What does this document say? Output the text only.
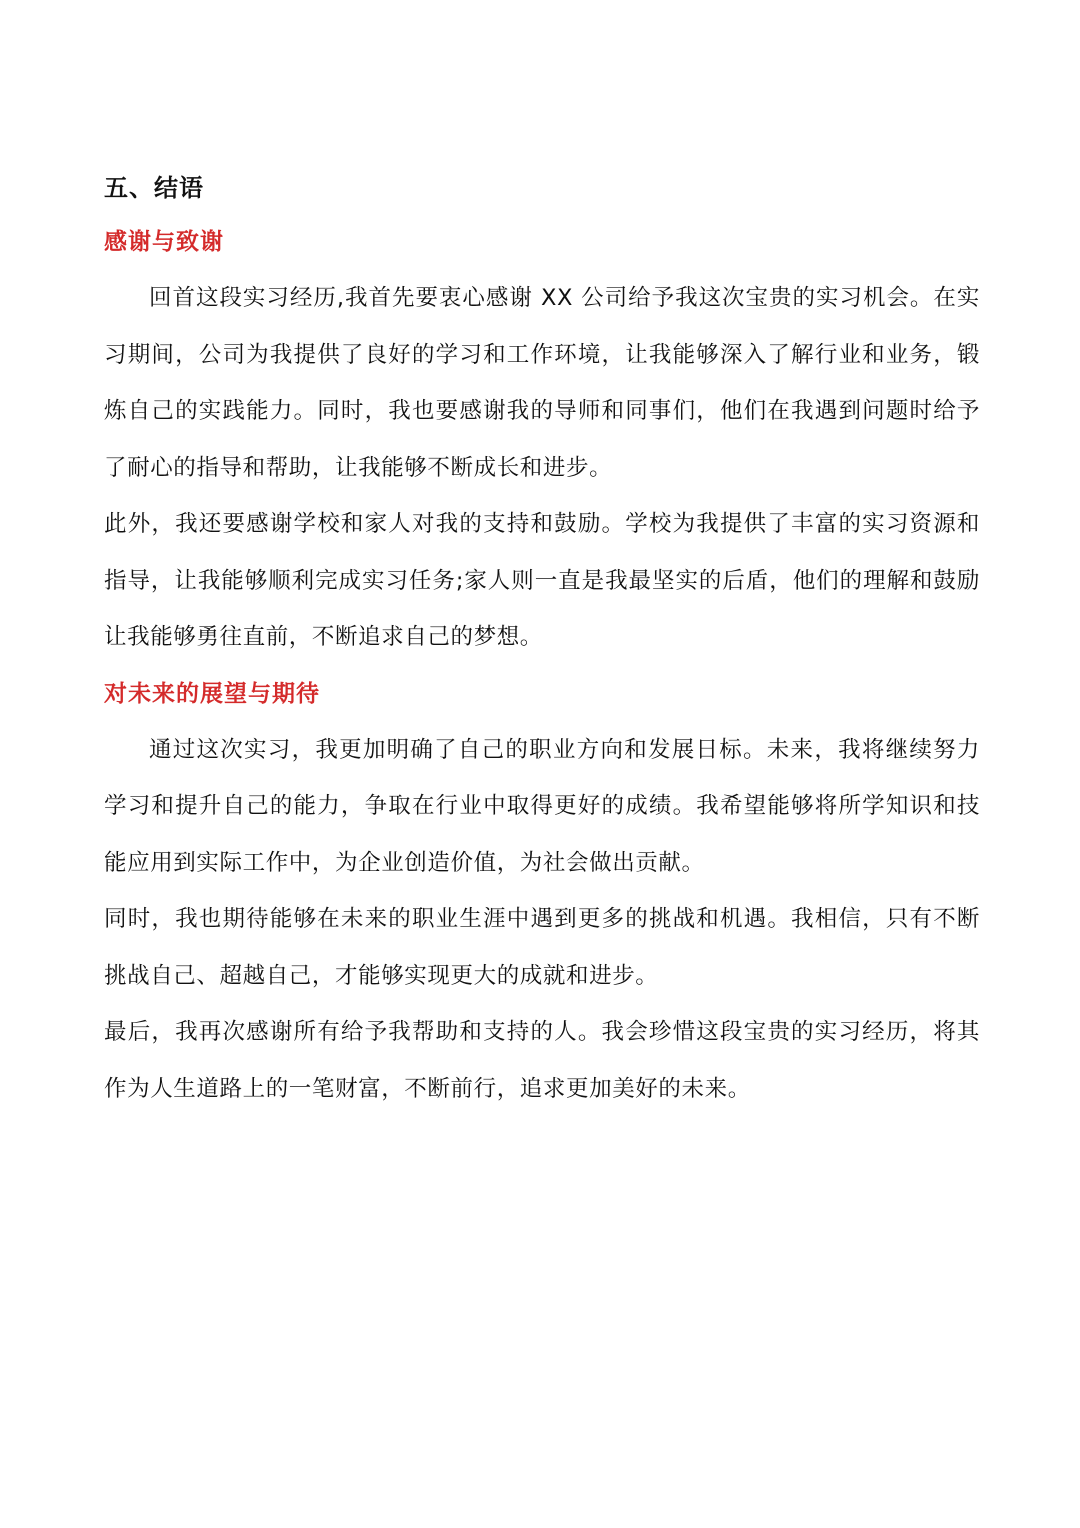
五、结语
感谢与致谢

回首这段实习经历,我首先要衷心感谢 XX 公司给予我这次宝贵的实习机会。在实习期间，公司为我提供了良好的学习和工作环境，让我能够深入了解行业和业务，锻炼自己的实践能力。同时，我也要感谢我的导师和同事们，他们在我遇到问题时给予了耐心的指导和帮助，让我能够不断成长和进步。

此外，我还要感谢学校和家人对我的支持和鼓励。学校为我提供了丰富的实习资源和指导，让我能够顺利完成实习任务;家人则一直是我最坚实的后盾，他们的理解和鼓励让我能够勇往直前，不断追求自己的梦想。

对未来的展望与期待

通过这次实习，我更加明确了自己的职业方向和发展日标。未来，我将继续努力学习和提升自己的能力，争取在行业中取得更好的成绩。我希望能够将所学知识和技能应用到实际工作中，为企业创造价值，为社会做出贡献。

同时，我也期待能够在未来的职业生涯中遇到更多的挑战和机遇。我相信，只有不断挑战自己、超越自己，才能够实现更大的成就和进步。

最后，我再次感谢所有给予我帮助和支持的人。我会珍惜这段宝贵的实习经历，将其作为人生道路上的一笔财富，不断前行，追求更加美好的未来。
